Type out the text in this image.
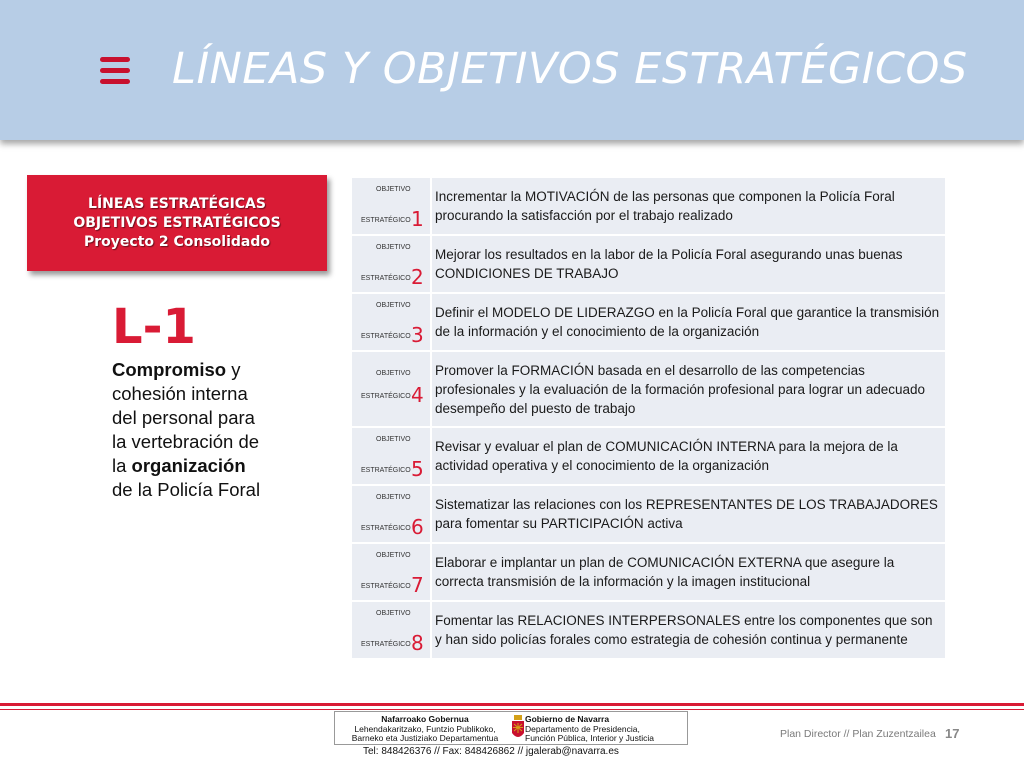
LÍNEAS Y OBJETIVOS ESTRATÉGICOS
LÍNEAS ESTRATÉGICAS
OBJETIVOS ESTRATÉGICOS
Proyecto 2 Consolidado
L-1
Compromiso y cohesión interna del personal para la vertebración de la organización de la Policía Foral
OBJETIVO
ESTRATÉGICO 1	Incrementar la MOTIVACIÓN de las personas que componen la Policía Foral procurando la satisfacción por el trabajo realizado

OBJETIVO
ESTRATÉGICO 2	Mejorar los resultados en la labor de la Policía Foral asegurando unas buenas CONDICIONES DE TRABAJO

OBJETIVO
ESTRATÉGICO 3	Definir el MODELO DE LIDERAZGO en la Policía Foral que garantice la transmisión de la información y el conocimiento de la organización

OBJETIVO
ESTRATÉGICO 4	Promover la FORMACIÓN basada en el desarrollo de las competencias profesionales y la evaluación de la formación profesional para lograr un adecuado desempeño del puesto de trabajo

OBJETIVO
ESTRATÉGICO 5	Revisar y evaluar el plan de COMUNICACIÓN INTERNA para la mejora de la actividad operativa y el conocimiento de la organización

OBJETIVO
ESTRATÉGICO 6	Sistematizar las relaciones con los REPRESENTANTES DE LOS TRABAJADORES para fomentar su PARTICIPACIÓN activa

OBJETIVO
ESTRATÉGICO 7	Elaborar e implantar un plan de COMUNICACIÓN EXTERNA que asegure la correcta transmisión de la información y la imagen institucional

OBJETIVO
ESTRATÉGICO 8	Fomentar las RELACIONES INTERPERSONALES entre los componentes que son y han sido policías forales como estrategia de cohesión continua y permanente
Nafarroako Gobernua
Lehendakaritzako, Funtzio Publikoko,
Barneko eta Justiziako Departamentua
Gobierno de Navarra
Departamento de Presidencia,
Función Pública, Interior y Justicia
Tel: 848426376 // Fax: 848426862 // jgalerab@navarra.es
Plan Director // Plan Zuzentzailea 17
